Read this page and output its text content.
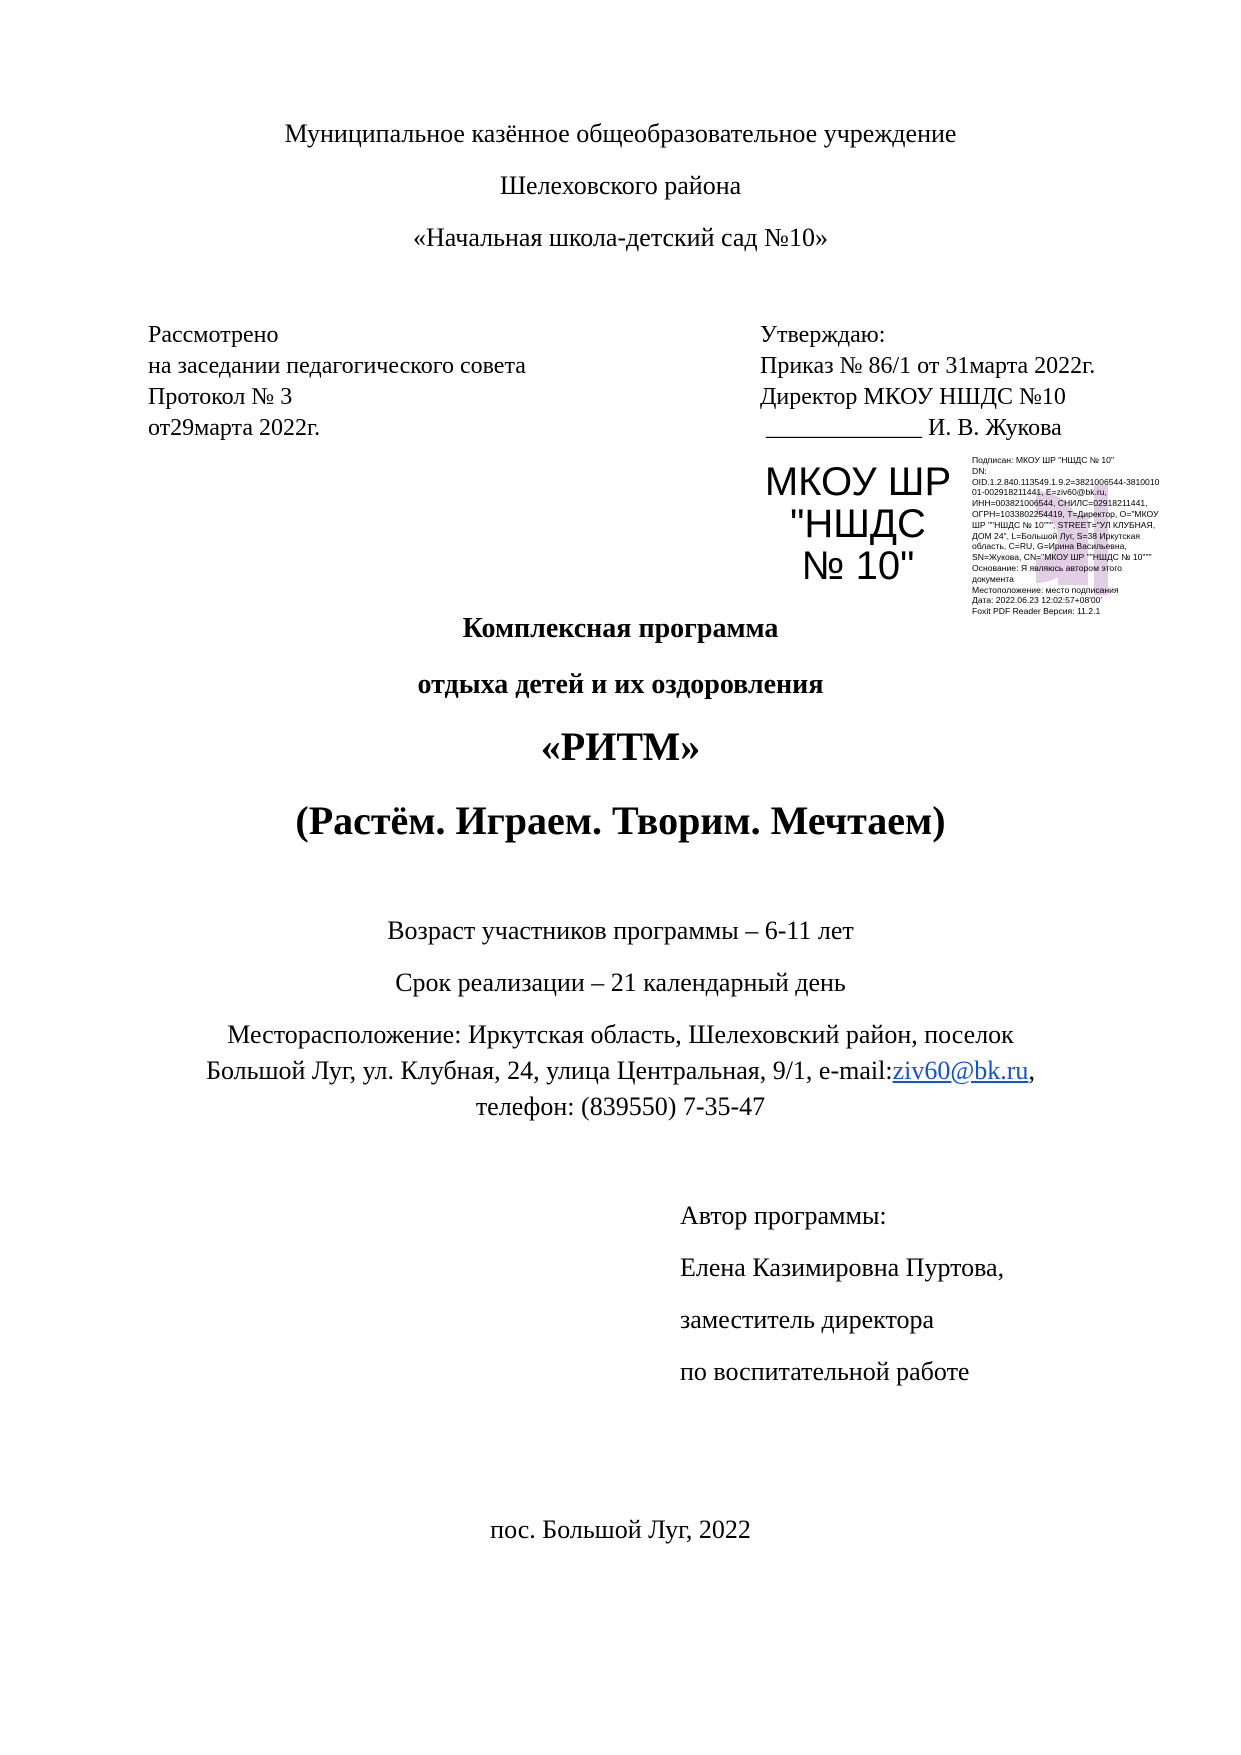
Муниципальное казённое общеобразовательное учреждение
Шелеховского района
«Начальная школа-детский сад №10»
Рассмотрено
на заседании педагогического совета
Протокол № 3
от29марта 2022г.
Утверждаю:
Приказ № 86/1 от 31марта 2022г.
Директор МКОУ НШДС №10
_____________ И. В. Жукова
МКОУ ШР
"НШДС
№ 10"
Подписан: МКОУ ШР "НШДС № 10"
DN:
OID.1.2.840.113549.1.9.2=3821006544-3810010
01-002918211441, E=ziv60@bk.ru,
ИНН=003821006544, СНИЛС=02918211441,
ОГРН=1033802254419, T=Директор, O="МКОУ
ШР ""НШДС № 10""", STREET="УЛ КЛУБНАЯ,
ДОМ 24", L=Большой Луг, S=38 Иркутская
область, C=RU, G=Ирина Васильевна,
SN=Жукова, CN="МКОУ ШР ""НШДС № 10"""
Основание: Я являюсь автором этого
документа
Местоположение: место подписания
Дата: 2022.06.23 12:02:57+08'00'
Foxit PDF Reader Версия: 11.2.1
Комплексная программа
отдыха детей и их оздоровления
«РИТМ»
(Растём. Играем. Творим. Мечтаем)
Возраст участников программы – 6-11 лет
Срок реализации – 21 календарный день
Месторасположение: Иркутская область, Шелеховский район, поселок
Большой Луг, ул. Клубная, 24, улица Центральная, 9/1, e-mail:ziv60@bk.ru,
телефон: (839550) 7-35-47
Автор программы:
Елена Казимировна Пуртова,
заместитель директора
по воспитательной работе
пос. Большой Луг, 2022
